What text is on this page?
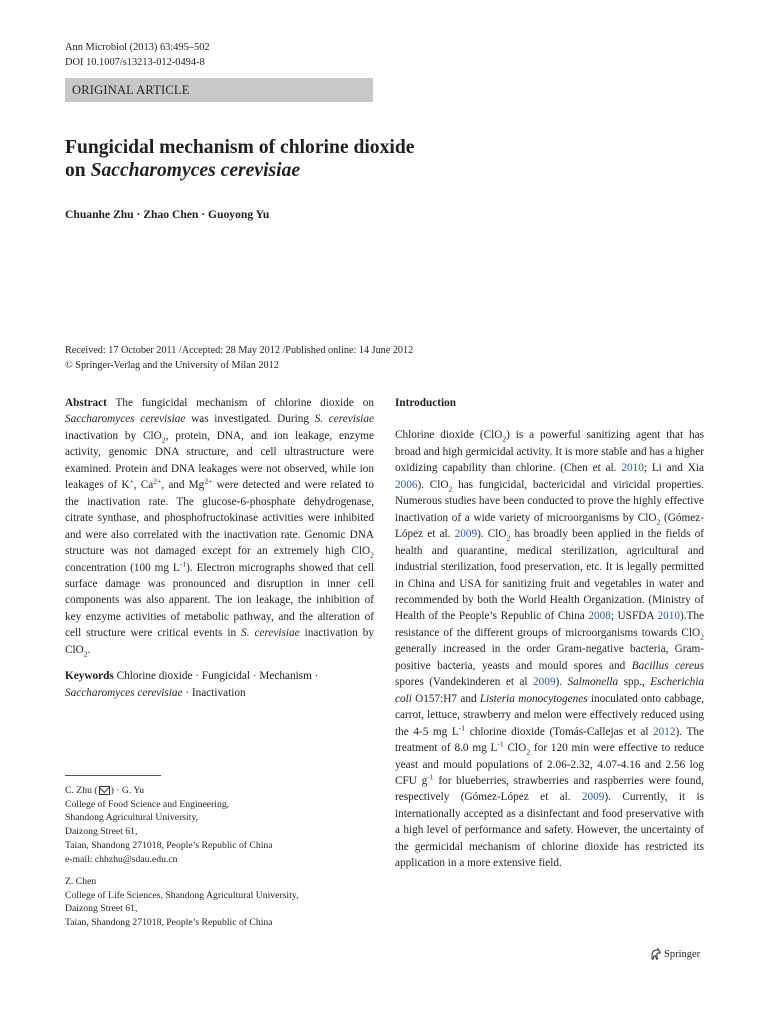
Ann Microbiol (2013) 63:495–502
DOI 10.1007/s13213-012-0494-8
ORIGINAL ARTICLE
Fungicidal mechanism of chlorine dioxide
on Saccharomyces cerevisiae
Chuanhe Zhu · Zhao Chen · Guoyong Yu
Received: 17 October 2011 /Accepted: 28 May 2012 /Published online: 14 June 2012
© Springer-Verlag and the University of Milan 2012

Abstract The fungicidal mechanism of chlorine dioxide on Saccharomyces cerevisiae was investigated. During S. cerevisiae inactivation by ClO$_2$, protein, DNA, and ion leakage, enzyme activity, genomic DNA structure, and cell ultrastructure were examined. Protein and DNA leakages were not observed, while ion leakages of K+, $Ca^{2+}$, and $Mg^{2+}$ were detected and were related to the inactivation rate. The glucose-6-phosphate dehydrogenase, citrate synthase, and phosphofructokinase activities were inhibited and were also correlated with the inactivation rate. Genomic DNA structure was not damaged except for an extremely high ClO$_2$ concentration (100 mg $L^{-1}$). Electron micrographs showed that cell surface damage was pronounced and disruption in inner cell components was also apparent. The ion leakage, the inhibition of key enzyme activities of metabolic pathway, and the alteration of cell structure were critical events in S. cerevisiae inactivation by ClO$_2$.

Keywords Chlorine dioxide · Fungicidal · Mechanism · Saccharomyces cerevisiae · Inactivation

C. Zhu ( ) · G. Yu

College of Food Science and Engineering,

Shandong Agricultural University,

Daizong Street 61,

Taian, Shandong 271018, People’s Republic of China

e-mail: chhzhu@sdau.edu.cn

Z. Chen

College of Life Sciences, Shandong Agricultural University,

Daizong Street 61,

Taian, Shandong 271018, People’s Republic of China

Introduction

Chlorine dioxide (ClO$_2$) is a powerful sanitizing agent that has broad and high germicidal activity. It is more stable and has a higher oxidizing capability than chlorine. (Chen et al. 2010; Li and Xia 2006). ClO$_2$ has fungicidal, bactericidal and viricidal properties. Numerous studies have been conducted to prove the highly effective inactivation of a wide variety of microorganisms by ClO$_2$ (Gómez-López et al. 2009). ClO$_2$ has broadly been applied in the fields of health and quarantine, medical sterilization, agricultural and industrial sterilization, food preservation, etc. It is legally permitted in China and USA for sanitizing fruit and vegetables in water and recommended by both the World Health Organization. (Ministry of Health of the People’s Republic of China 2008; USFDA 2010).The resistance of the different groups of microorganisms towards ClO$_2$ generally increased in the order Gram-negative bacteria, Gram-positive bacteria, yeasts and mould spores and Bacillus cereus spores (Vandekinderen et al 2009). Salmonella spp., Escherichia coli O157:H7 and Listeria monocytogenes inoculated onto cabbage, carrot, lettuce, strawberry and melon were effectively reduced using the 4-5 mg $L^{-1}$ chlorine dioxide (Tomás-Callejas et al 2012). The treatment of 8.0 mg $L^{-1}$ ClO$_2$ for 120 min were effective to reduce yeast and mould populations of 2.06-2.32, 4.07-4.16 and 2.56 log CFU $g^{-1}$ for blueberries, strawberries and raspberries were found, respectively (Gómez-López et al. 2009). Currently, it is internationally accepted as a disinfectant and food preservative with a high level of performance and safety. However, the uncertainty of the germicidal mechanism of chlorine dioxide has restricted its application in a more extensive field.

Springer
